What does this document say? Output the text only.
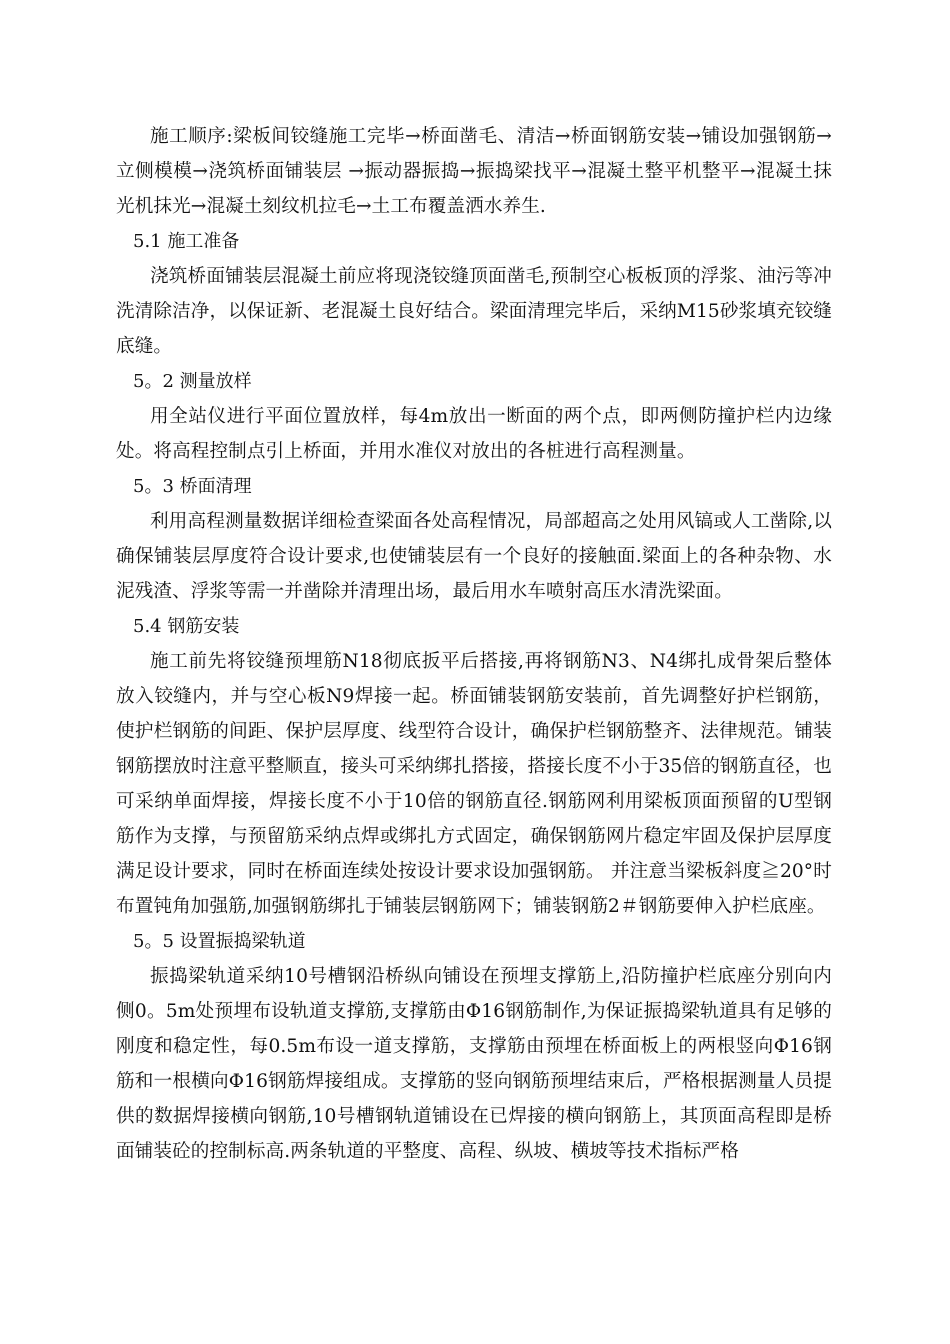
施工顺序:梁板间铰缝施工完毕→桥面凿毛、清洁→桥面钢筋安装→铺设加强钢筋→立侧模模→浇筑桥面铺装层 →振动器振捣→振捣梁找平→混凝土整平机整平→混凝土抹光机抹光→混凝土刻纹机拉毛→土工布覆盖洒水养生.

5.1 施工准备

浇筑桥面铺装层混凝土前应将现浇铰缝顶面凿毛,预制空心板板顶的浮浆、油污等冲洗清除洁净，以保证新、老混凝土良好结合。梁面清理完毕后，采纳M15砂浆填充铰缝底缝。

5。2 测量放样

用全站仪进行平面位置放样，每4m放出一断面的两个点，即两侧防撞护栏内边缘处。将高程控制点引上桥面，并用水准仪对放出的各桩进行高程测量。

5。3 桥面清理

利用高程测量数据详细检查梁面各处高程情况，局部超高之处用风镐或人工凿除,以确保铺装层厚度符合设计要求,也使铺装层有一个良好的接触面.梁面上的各种杂物、水泥残渣、浮浆等需一并凿除并清理出场，最后用水车喷射高压水清洗梁面。

5.4 钢筋安装

施工前先将铰缝预埋筋N18彻底扳平后搭接,再将钢筋N3、N4绑扎成骨架后整体放入铰缝内，并与空心板N9焊接一起。桥面铺装钢筋安装前，首先调整好护栏钢筋，使护栏钢筋的间距、保护层厚度、线型符合设计，确保护栏钢筋整齐、法律规范。铺装钢筋摆放时注意平整顺直，接头可采纳绑扎搭接，搭接长度不小于35倍的钢筋直径，也可采纳单面焊接，焊接长度不小于10倍的钢筋直径.钢筋网利用梁板顶面预留的U型钢筋作为支撑，与预留筋采纳点焊或绑扎方式固定，确保钢筋网片稳定牢固及保护层厚度满足设计要求，同时在桥面连续处按设计要求设加强钢筋。 并注意当梁板斜度≧20°时布置钝角加强筋,加强钢筋绑扎于铺装层钢筋网下；铺装钢筋2＃钢筋要伸入护栏底座。

5。5 设置振捣梁轨道

振捣梁轨道采纳10号槽钢沿桥纵向铺设在预埋支撑筋上,沿防撞护栏底座分别向内侧0。5m处预埋布设轨道支撑筋,支撑筋由Φ16钢筋制作,为保证振捣梁轨道具有足够的刚度和稳定性，每0.5m布设一道支撑筋，支撑筋由预埋在桥面板上的两根竖向Φ16钢筋和一根横向Φ16钢筋焊接组成。支撑筋的竖向钢筋预埋结束后，严格根据测量人员提供的数据焊接横向钢筋,10号槽钢轨道铺设在已焊接的横向钢筋上，其顶面高程即是桥面铺装砼的控制标高.两条轨道的平整度、高程、纵坡、横坡等技术指标严格
